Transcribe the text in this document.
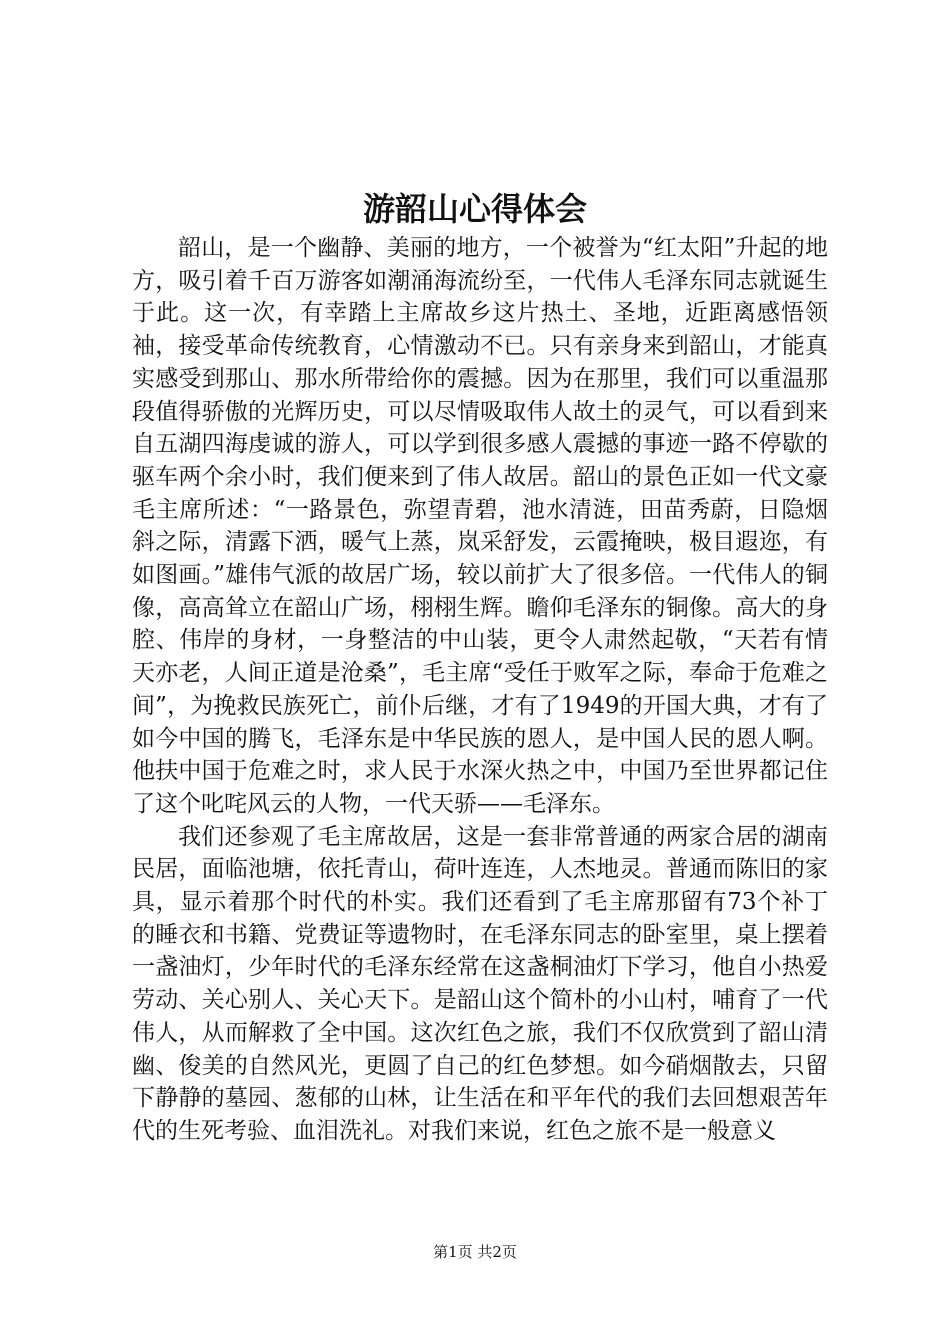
游韶山心得体会

韶山，是一个幽静、美丽的地方，一个被誉为“红太阳”升起的地方，吸引着千百万游客如潮涌海流纷至，一代伟人毛泽东同志就诞生于此。这一次，有幸踏上主席故乡这片热土、圣地，近距离感悟领袖，接受革命传统教育，心情激动不已。只有亲身来到韶山，才能真实感受到那山、那水所带给你的震撼。因为在那里，我们可以重温那段值得骄傲的光辉历史，可以尽情吸取伟人故土的灵气，可以看到来自五湖四海虔诚的游人，可以学到很多感人震撼的事迹一路不停歇的驱车两个余小时，我们便来到了伟人故居。韶山的景色正如一代文豪毛主席所述：“一路景色，弥望青碧，池水清涟，田苗秀蔚，日隐烟斜之际，清露下洒，暖气上蒸，岚采舒发，云霞掩映，极目遐迩，有如图画。”雄伟气派的故居广场，较以前扩大了很多倍。一代伟人的铜像，高高耸立在韶山广场，栩栩生辉。瞻仰毛泽东的铜像。高大的身腔、伟岸的身材，一身整洁的中山装，更令人肃然起敬，“天若有情天亦老，人间正道是沧桑”，毛主席“受任于败军之际，奉命于危难之间”，为挽救民族死亡，前仆后继，才有了1949的开国大典，才有了如今中国的腾飞，毛泽东是中华民族的恩人，是中国人民的恩人啊。他扶中国于危难之时，求人民于水深火热之中，中国乃至世界都记住了这个叱咤风云的人物，一代天骄——毛泽东。

我们还参观了毛主席故居，这是一套非常普通的两家合居的湖南民居，面临池塘，依托青山，荷叶连连，人杰地灵。普通而陈旧的家具，显示着那个时代的朴实。我们还看到了毛主席那留有73个补丁的睡衣和书籍、党费证等遗物时，在毛泽东同志的卧室里，桌上摆着一盏油灯，少年时代的毛泽东经常在这盏桐油灯下学习，他自小热爱劳动、关心别人、关心天下。是韶山这个简朴的小山村，哺育了一代伟人，从而解救了全中国。这次红色之旅，我们不仅欣赏到了韶山清幽、俊美的自然风光，更圆了自己的红色梦想。如今硝烟散去，只留下静静的墓园、葱郁的山林，让生活在和平年代的我们去回想艰苦年代的生死考验、血泪洗礼。对我们来说，红色之旅不是一般意义

第1页 共2页
